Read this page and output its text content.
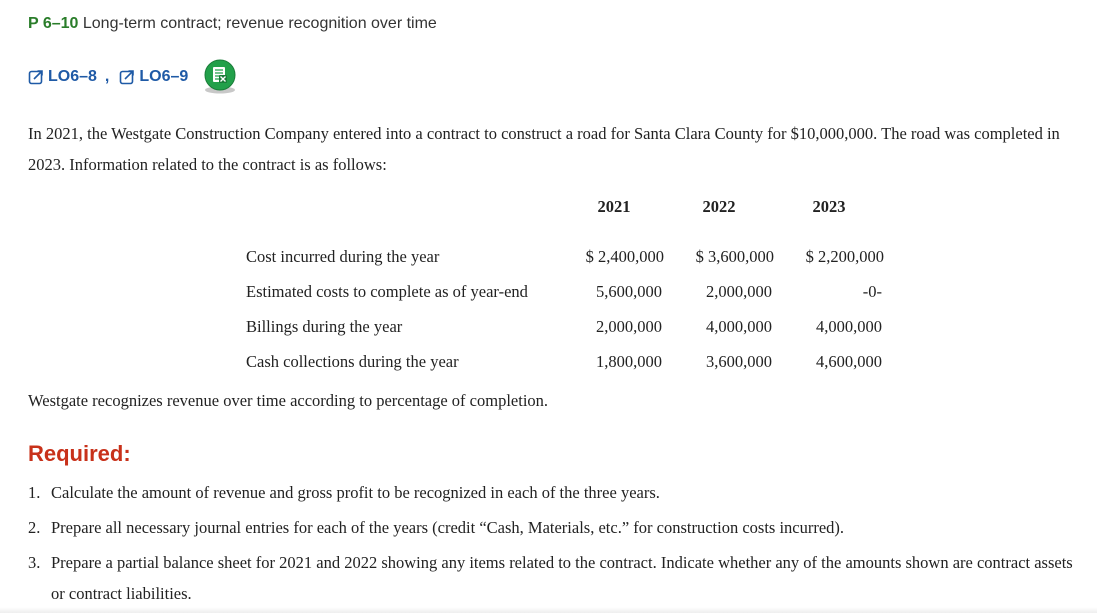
P 6–10 Long-term contract; revenue recognition over time
LO6–8 , LO6–9
In 2021, the Westgate Construction Company entered into a contract to construct a road for Santa Clara County for $10,000,000. The road was completed in 2023. Information related to the contract is as follows:
	2021	2022	2023

Cost incurred during the year	$ 2,400,000	$ 3,600,000	$ 2,200,000
Estimated costs to complete as of year-end	5,600,000	2,000,000	-0-
Billings during the year	2,000,000	4,000,000	4,000,000
Cash collections during the year	1,800,000	3,600,000	4,600,000
Westgate recognizes revenue over time according to percentage of completion.
Required:
1. Calculate the amount of revenue and gross profit to be recognized in each of the three years.
2. Prepare all necessary journal entries for each of the years (credit “Cash, Materials, etc.” for construction costs incurred).
3. Prepare a partial balance sheet for 2021 and 2022 showing any items related to the contract. Indicate whether any of the amounts shown are contract assets or contract liabilities.
